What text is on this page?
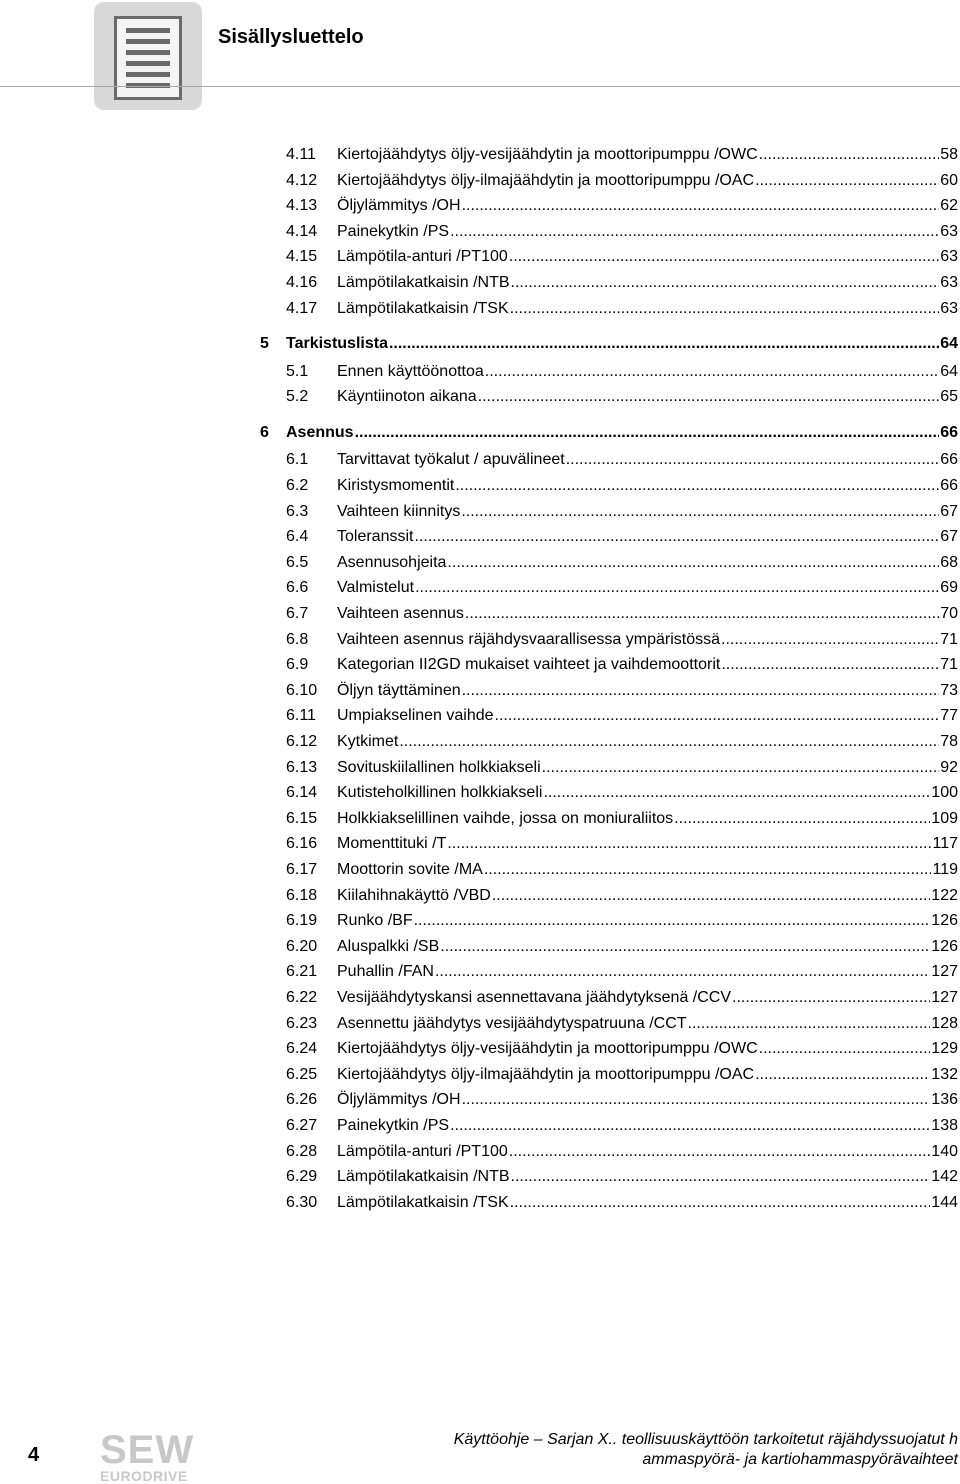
Sisällysluettelo
4.11	Kiertojäähdytys öljy-vesijäähdytin ja moottoripumppu /OWC .....	58
4.12	Kiertojäähdytys öljy-ilmajäähdytin ja moottoripumppu /OAC .....	60
4.13	Öljylämmitys /OH .....	62
4.14	Painekytkin /PS .....	63
4.15	Lämpötila-anturi /PT100 .....	63
4.16	Lämpötilakatkaisin /NTB .....	63
4.17	Lämpötilakatkaisin /TSK .....	63
5	Tarkistuslista .....	64
5.1	Ennen käyttöönottoa .....	64
5.2	Käyntiinoton aikana .....	65
6	Asennus .....	66
6.1	Tarvittavat työkalut / apuvälineet .....	66
6.2	Kiristysmomentit .....	66
6.3	Vaihteen kiinnitys .....	67
6.4	Toleranssit .....	67
6.5	Asennusohjeita .....	68
6.6	Valmistelut .....	69
6.7	Vaihteen asennus .....	70
6.8	Vaihteen asennus räjähdysvaarallisessa ympäristössä .....	71
6.9	Kategorian II2GD mukaiset vaihteet ja vaihdemoottorit .....	71
6.10	Öljyn täyttäminen .....	73
6.11	Umpiakselinen vaihde .....	77
6.12	Kytkimet .....	78
6.13	Sovituskiilallinen holkkiakseli .....	92
6.14	Kutisteholkillinen holkkiakseli .....	100
6.15	Holkkiakselillinen vaihde, jossa on moniuraliitos .....	109
6.16	Momenttituki /T .....	117
6.17	Moottorin sovite /MA .....	119
6.18	Kiilahihnakäyttö /VBD .....	122
6.19	Runko /BF .....	126
6.20	Aluspalkki /SB .....	126
6.21	Puhallin /FAN .....	127
6.22	Vesijäähdytyskansi asennettavana jäähdytyksenä /CCV .....	127
6.23	Asennettu jäähdytys vesijäähdytyspatruuna /CCT .....	128
6.24	Kiertojäähdytys öljy-vesijäähdytin ja moottoripumppu /OWC .....	129
6.25	Kiertojäähdytys öljy-ilmajäähdytin ja moottoripumppu /OAC .....	132
6.26	Öljylämmitys /OH .....	136
6.27	Painekytkin /PS .....	138
6.28	Lämpötila-anturi /PT100 .....	140
6.29	Lämpötilakatkaisin /NTB .....	142
6.30	Lämpötilakatkaisin /TSK .....	144
4 SEW
EURODRIVE
Käyttöohje – Sarjan X.. teollisuuskäyttöön tarkoitetut räjähdyssuojatut h
ammaspyörä- ja kartiohammaspyörävaihteet
